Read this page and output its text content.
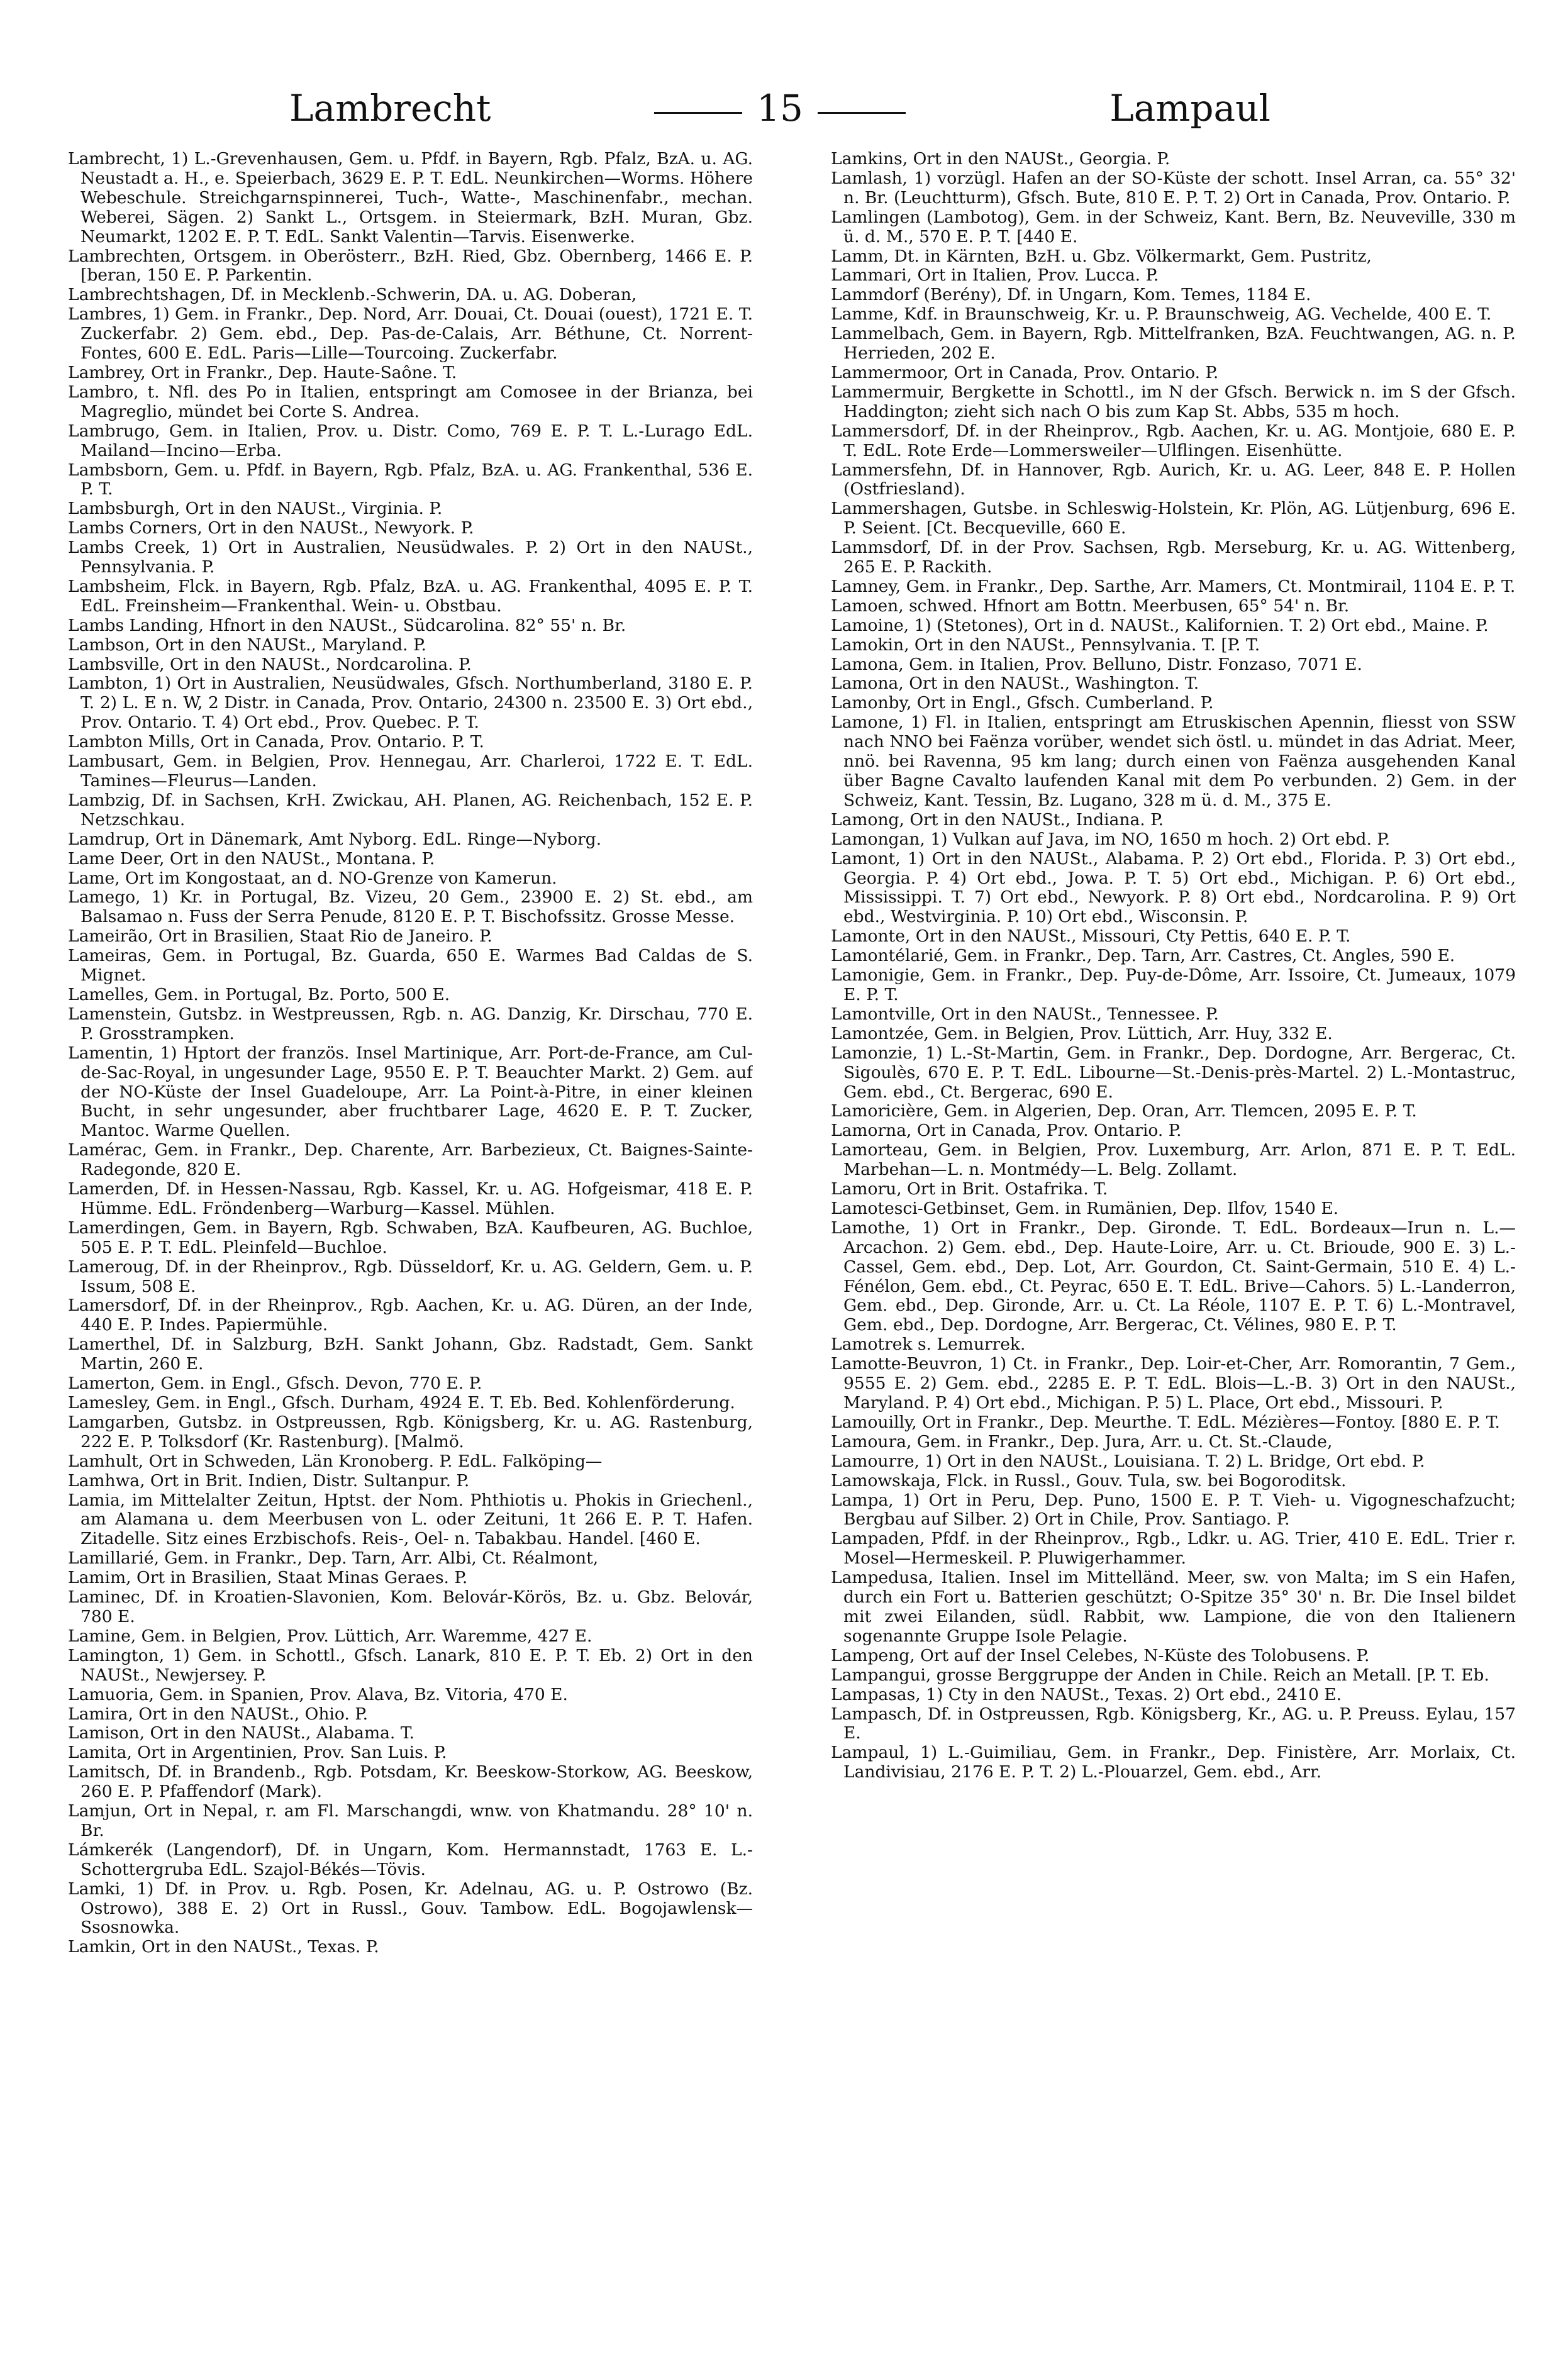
Lambrecht	15	Lampaul

Lambrecht, 1) L.-Grevenhausen, Gem. u. Pfdf. in Bayern, Rgb. Pfalz, BzA. u. AG. Neustadt a. H., e. Speierbach, 3629 E. P. T. EdL. Neunkirchen—Worms. Höhere Webeschule. Streichgarnspinnerei, Tuch-, Watte-, Maschinenfabr., mechan. Weberei, Sägen. 2) Sankt L., Ortsgem. in Steiermark, BzH. Muran, Gbz. Neumarkt, 1202 E. P. T. EdL. Sankt Valentin—Tarvis. Eisenwerke.

Lambrechten, Ortsgem. in Oberösterr., BzH. Ried, Gbz. Obernberg, 1466 E. P. [beran, 150 E. P. Parkentin.

Lambrechtshagen, Df. in Mecklenb.-Schwerin, DA. u. AG. Doberan,

Lambres, 1) Gem. in Frankr., Dep. Nord, Arr. Douai, Ct. Douai (ouest), 1721 E. T. Zuckerfabr. 2) Gem. ebd., Dep. Pas-de-Calais, Arr. Béthune, Ct. Norrent-Fontes, 600 E. EdL. Paris—Lille—Tourcoing. Zuckerfabr.

Lambrey, Ort in Frankr., Dep. Haute-Saône. T.

Lambro, t. Nfl. des Po in Italien, entspringt am Comosee in der Brianza, bei Magreglio, mündet bei Corte S. Andrea.

Lambrugo, Gem. in Italien, Prov. u. Distr. Como, 769 E. P. T. L.-Lurago EdL. Mailand—Incino—Erba.

Lambsborn, Gem. u. Pfdf. in Bayern, Rgb. Pfalz, BzA. u. AG. Frankenthal, 536 E. P. T.

Lambsburgh, Ort in den NAUSt., Virginia. P.

Lambs Corners, Ort in den NAUSt., Newyork. P.

Lambs Creek, 1) Ort in Australien, Neusüdwales. P. 2) Ort in den NAUSt., Pennsylvania. P.

Lambsheim, Flck. in Bayern, Rgb. Pfalz, BzA. u. AG. Frankenthal, 4095 E. P. T. EdL. Freinsheim—Frankenthal. Wein- u. Obstbau.

Lambs Landing, Hfnort in den NAUSt., Südcarolina. 82° 55' n. Br.

Lambson, Ort in den NAUSt., Maryland. P.

Lambsville, Ort in den NAUSt., Nordcarolina. P.

Lambton, 1) Ort in Australien, Neusüdwales, Gfsch. Northumberland, 3180 E. P. T. 2) L. E n. W, 2 Distr. in Canada, Prov. Ontario, 24300 n. 23500 E. 3) Ort ebd., Prov. Ontario. T. 4) Ort ebd., Prov. Quebec. P. T.

Lambton Mills, Ort in Canada, Prov. Ontario. P. T.

Lambusart, Gem. in Belgien, Prov. Hennegau, Arr. Charleroi, 1722 E. T. EdL. Tamines—Fleurus—Landen.

Lambzig, Df. in Sachsen, KrH. Zwickau, AH. Planen, AG. Reichenbach, 152 E. P. Netzschkau.

Lamdrup, Ort in Dänemark, Amt Nyborg. EdL. Ringe—Nyborg.

Lame Deer, Ort in den NAUSt., Montana. P.

Lame, Ort im Kongostaat, an d. NO-Grenze von Kamerun.

Lamego, 1) Kr. in Portugal, Bz. Vizeu, 20 Gem., 23900 E. 2) St. ebd., am Balsamao n. Fuss der Serra Penude, 8120 E. P. T. Bischofssitz. Grosse Messe.

Lameirão, Ort in Brasilien, Staat Rio de Janeiro. P.

Lameiras, Gem. in Portugal, Bz. Guarda, 650 E. Warmes Bad Caldas de S. Mignet.

Lamelles, Gem. in Portugal, Bz. Porto, 500 E.

Lamenstein, Gutsbz. in Westpreussen, Rgb. n. AG. Danzig, Kr. Dirschau, 770 E. P. Grosstrampken.

Lamentin, 1) Hptort der französ. Insel Martinique, Arr. Port-de-France, am Cul-de-Sac-Royal, in ungesunder Lage, 9550 E. P. T. Beauchter Markt. 2) Gem. auf der NO-Küste der Insel Guadeloupe, Arr. La Point-à-Pitre, in einer kleinen Bucht, in sehr ungesunder, aber fruchtbarer Lage, 4620 E. P. T. Zucker, Mantoc. Warme Quellen.

Lamérac, Gem. in Frankr., Dep. Charente, Arr. Barbezieux, Ct. Baignes-Sainte-Radegonde, 820 E.

Lamerden, Df. in Hessen-Nassau, Rgb. Kassel, Kr. u. AG. Hofgeismar, 418 E. P. Hümme. EdL. Fröndenberg—Warburg—Kassel. Mühlen.

Lamerdingen, Gem. in Bayern, Rgb. Schwaben, BzA. Kaufbeuren, AG. Buchloe, 505 E. P. T. EdL. Pleinfeld—Buchloe.

Lameroug, Df. in der Rheinprov., Rgb. Düsseldorf, Kr. u. AG. Geldern, Gem. u. P. Issum, 508 E.

Lamersdorf, Df. in der Rheinprov., Rgb. Aachen, Kr. u. AG. Düren, an der Inde, 440 E. P. Indes. Papiermühle.

Lamerthel, Df. in Salzburg, BzH. Sankt Johann, Gbz. Radstadt, Gem. Sankt Martin, 260 E.

Lamerton, Gem. in Engl., Gfsch. Devon, 770 E. P.

Lamesley, Gem. in Engl., Gfsch. Durham, 4924 E. T. Eb. Bed. Kohlenförderung.

Lamgarben, Gutsbz. in Ostpreussen, Rgb. Königsberg, Kr. u. AG. Rastenburg, 222 E. P. Tolksdorf (Kr. Rastenburg). [Malmö.

Lamhult, Ort in Schweden, Län Kronoberg. P. EdL. Falköping—

Lamhwa, Ort in Brit. Indien, Distr. Sultanpur. P.

Lamia, im Mittelalter Zeitun, Hptst. der Nom. Phthiotis u. Phokis in Griechenl., am Alamana u. dem Meerbusen von L. oder Zeituni, 1t 266 E. P. T. Hafen. Zitadelle. Sitz eines Erzbischofs. Reis-, Oel- n. Tabakbau. Handel. [460 E.

Lamillarié, Gem. in Frankr., Dep. Tarn, Arr. Albi, Ct. Réalmont,

Lamim, Ort in Brasilien, Staat Minas Geraes. P.

Laminec, Df. in Kroatien-Slavonien, Kom. Belovár-Körös, Bz. u. Gbz. Belovár, 780 E.

Lamine, Gem. in Belgien, Prov. Lüttich, Arr. Waremme, 427 E.

Lamington, 1) Gem. in Schottl., Gfsch. Lanark, 810 E. P. T. Eb. 2) Ort in den NAUSt., Newjersey. P.

Lamuoria, Gem. in Spanien, Prov. Alava, Bz. Vitoria, 470 E.

Lamira, Ort in den NAUSt., Ohio. P.

Lamison, Ort in den NAUSt., Alabama. T.

Lamita, Ort in Argentinien, Prov. San Luis. P.

Lamitsch, Df. in Brandenb., Rgb. Potsdam, Kr. Beeskow-Storkow, AG. Beeskow, 260 E. P. Pfaffendorf (Mark).

Lamjun, Ort in Nepal, r. am Fl. Marschangdi, wnw. von Khatmandu. 28° 10' n. Br.

Lámkerék (Langendorf), Df. in Ungarn, Kom. Hermannstadt, 1763 E. L.-Schottergruba EdL. Szajol-Békés—Tövis.

Lamki, 1) Df. in Prov. u. Rgb. Posen, Kr. Adelnau, AG. u. P. Ostrowo (Bz. Ostrowo), 388 E. 2) Ort in Russl., Gouv. Tambow. EdL. Bogojawlensk—Ssosnowka.

Lamkin, Ort in den NAUSt., Texas. P.

Lamkins, Ort in den NAUSt., Georgia. P.

Lamlash, 1) vorzügl. Hafen an der SO-Küste der schott. Insel Arran, ca. 55° 32' n. Br. (Leuchtturm), Gfsch. Bute, 810 E. P. T. 2) Ort in Canada, Prov. Ontario. P.

Lamlingen (Lambotog), Gem. in der Schweiz, Kant. Bern, Bz. Neuveville, 330 m ü. d. M., 570 E. P. T. [440 E.

Lamm, Dt. in Kärnten, BzH. u. Gbz. Völkermarkt, Gem. Pustritz,

Lammari, Ort in Italien, Prov. Lucca. P.

Lammdorf (Berény), Df. in Ungarn, Kom. Temes, 1184 E.

Lamme, Kdf. in Braunschweig, Kr. u. P. Braunschweig, AG. Vechelde, 400 E. T.

Lammelbach, Gem. in Bayern, Rgb. Mittelfranken, BzA. Feuchtwangen, AG. n. P. Herrieden, 202 E.

Lammermoor, Ort in Canada, Prov. Ontario. P.

Lammermuir, Bergkette in Schottl., im N der Gfsch. Berwick n. im S der Gfsch. Haddington; zieht sich nach O bis zum Kap St. Abbs, 535 m hoch.

Lammersdorf, Df. in der Rheinprov., Rgb. Aachen, Kr. u. AG. Montjoie, 680 E. P. T. EdL. Rote Erde—Lommersweiler—Ulflingen. Eisenhütte.

Lammersfehn, Df. in Hannover, Rgb. Aurich, Kr. u. AG. Leer, 848 E. P. Hollen (Ostfriesland).

Lammershagen, Gutsbe. in Schleswig-Holstein, Kr. Plön, AG. Lütjenburg, 696 E. P. Seient. [Ct. Becqueville, 660 E.

Lammsdorf, Df. in der Prov. Sachsen, Rgb. Merseburg, Kr. u. AG. Wittenberg, 265 E. P. Rackith.

Lamney, Gem. in Frankr., Dep. Sarthe, Arr. Mamers, Ct. Montmirail, 1104 E. P. T.

Lamoen, schwed. Hfnort am Bottn. Meerbusen, 65° 54' n. Br.

Lamoine, 1) (Stetones), Ort in d. NAUSt., Kalifornien. T. 2) Ort ebd., Maine. P.

Lamokin, Ort in den NAUSt., Pennsylvania. T. [P. T.

Lamona, Gem. in Italien, Prov. Belluno, Distr. Fonzaso, 7071 E.

Lamona, Ort in den NAUSt., Washington. T.

Lamonby, Ort in Engl., Gfsch. Cumberland. P.

Lamone, 1) Fl. in Italien, entspringt am Etruskischen Apennin, fliesst von SSW nach NNO bei Faënza vorüber, wendet sich östl. u. mündet in das Adriat. Meer, nnö. bei Ravenna, 95 km lang; durch einen von Faënza ausgehenden Kanal über Bagne Cavalto laufenden Kanal mit dem Po verbunden. 2) Gem. in der Schweiz, Kant. Tessin, Bz. Lugano, 328 m ü. d. M., 375 E.

Lamong, Ort in den NAUSt., Indiana. P.

Lamongan, 1) Vulkan auf Java, im NO, 1650 m hoch. 2) Ort ebd. P.

Lamont, 1) Ort in den NAUSt., Alabama. P. 2) Ort ebd., Florida. P. 3) Ort ebd., Georgia. P. 4) Ort ebd., Jowa. P. T. 5) Ort ebd., Michigan. P. 6) Ort ebd., Mississippi. T. 7) Ort ebd., Newyork. P. 8) Ort ebd., Nordcarolina. P. 9) Ort ebd., Westvirginia. P. 10) Ort ebd., Wisconsin. P.

Lamonte, Ort in den NAUSt., Missouri, Cty Pettis, 640 E. P. T.

Lamontélarié, Gem. in Frankr., Dep. Tarn, Arr. Castres, Ct. Angles, 590 E.

Lamonigie, Gem. in Frankr., Dep. Puy-de-Dôme, Arr. Issoire, Ct. Jumeaux, 1079 E. P. T.

Lamontville, Ort in den NAUSt., Tennessee. P.

Lamontzée, Gem. in Belgien, Prov. Lüttich, Arr. Huy, 332 E.

Lamonzie, 1) L.-St-Martin, Gem. in Frankr., Dep. Dordogne, Arr. Bergerac, Ct. Sigoulès, 670 E. P. T. EdL. Libourne—St.-Denis-près-Martel. 2) L.-Montastruc, Gem. ebd., Ct. Bergerac, 690 E.

Lamoricière, Gem. in Algerien, Dep. Oran, Arr. Tlemcen, 2095 E. P. T.

Lamorna, Ort in Canada, Prov. Ontario. P.

Lamorteau, Gem. in Belgien, Prov. Luxemburg, Arr. Arlon, 871 E. P. T. EdL. Marbehan—L. n. Montmédy—L. Belg. Zollamt.

Lamoru, Ort in Brit. Ostafrika. T.

Lamotesci-Getbinset, Gem. in Rumänien, Dep. Ilfov, 1540 E.

Lamothe, 1) Ort in Frankr., Dep. Gironde. T. EdL. Bordeaux—Irun n. L.—Arcachon. 2) Gem. ebd., Dep. Haute-Loire, Arr. u. Ct. Brioude, 900 E. 3) L.-Cassel, Gem. ebd., Dep. Lot, Arr. Gourdon, Ct. Saint-Germain, 510 E. 4) L.-Fénélon, Gem. ebd., Ct. Peyrac, 650 E. T. EdL. Brive—Cahors. 5) L.-Landerron, Gem. ebd., Dep. Gironde, Arr. u. Ct. La Réole, 1107 E. P. T. 6) L.-Montravel, Gem. ebd., Dep. Dordogne, Arr. Bergerac, Ct. Vélines, 980 E. P. T.

Lamotrek s. Lemurrek.

Lamotte-Beuvron, 1) Ct. in Frankr., Dep. Loir-et-Cher, Arr. Romorantin, 7 Gem., 9555 E. 2) Gem. ebd., 2285 E. P. T. EdL. Blois—L.-B. 3) Ort in den NAUSt., Maryland. P. 4) Ort ebd., Michigan. P. 5) L. Place, Ort ebd., Missouri. P.

Lamouilly, Ort in Frankr., Dep. Meurthe. T. EdL. Mézières—Fontoy. [880 E. P. T.

Lamoura, Gem. in Frankr., Dep. Jura, Arr. u. Ct. St.-Claude,

Lamourre, 1) Ort in den NAUSt., Louisiana. T. 2) L. Bridge, Ort ebd. P.

Lamowskaja, Flck. in Russl., Gouv. Tula, sw. bei Bogoroditsk.

Lampa, 1) Ort in Peru, Dep. Puno, 1500 E. P. T. Vieh- u. Vigogneschafzucht; Bergbau auf Silber. 2) Ort in Chile, Prov. Santiago. P.

Lampaden, Pfdf. in der Rheinprov., Rgb., Ldkr. u. AG. Trier, 410 E. EdL. Trier r. Mosel—Hermeskeil. P. Pluwigerhammer.

Lampedusa, Italien. Insel im Mittelländ. Meer, sw. von Malta; im S ein Hafen, durch ein Fort u. Batterien geschützt; O-Spitze 35° 30' n. Br. Die Insel bildet mit zwei Eilanden, südl. Rabbit, ww. Lampione, die von den Italienern sogenannte Gruppe Isole Pelagie.

Lampeng, Ort auf der Insel Celebes, N-Küste des Tolobusens. P.

Lampangui, grosse Berggruppe der Anden in Chile. Reich an Metall. [P. T. Eb.

Lampasas, 1) Cty in den NAUSt., Texas. 2) Ort ebd., 2410 E.

Lampasch, Df. in Ostpreussen, Rgb. Königsberg, Kr., AG. u. P. Preuss. Eylau, 157 E.

Lampaul, 1) L.-Guimiliau, Gem. in Frankr., Dep. Finistère, Arr. Morlaix, Ct. Landivisiau, 2176 E. P. T. 2) L.-Plouarzel, Gem. ebd., Arr.
